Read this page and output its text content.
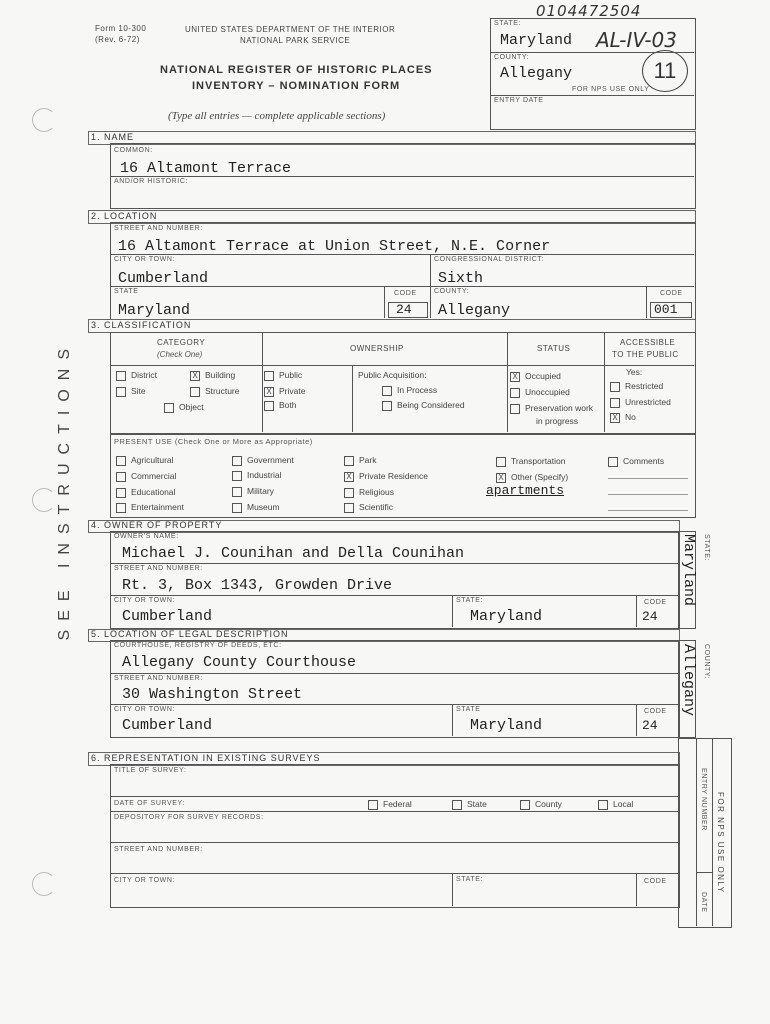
Form 10-300
(Rev. 6-72)
UNITED STATES DEPARTMENT OF THE INTERIOR
NATIONAL PARK SERVICE
NATIONAL REGISTER OF HISTORIC PLACES
INVENTORY – NOMINATION FORM
(Type all entries — complete applicable sections)
0104472504
AL-IV-03
11
STATE:
Maryland
COUNTY:
Allegany
FOR NPS USE ONLY
ENTRY DATE
SEE INSTRUCTIONS
1. NAME
COMMON:
16 Altamont Terrace
AND/OR HISTORIC:
2. LOCATION
STREET AND NUMBER:
16 Altamont Terrace at Union Street, N.E. Corner
CITY OR TOWN:
Cumberland
CONGRESSIONAL DISTRICT:
Sixth
STATE
Maryland
CODE
24
COUNTY:
Allegany
CODE
001
3. CLASSIFICATION
CATEGORY
(Check One)
OWNERSHIP	STATUS
ACCESSIBLE
TO THE PUBLIC
District	X Building
Site	Structure
Object
Public
X Private
Both
Public Acquisition:
In Process
Being Considered
X Occupied
Unoccupied
Preservation work
in progress
Yes:
Restricted
Unrestricted
X No
PRESENT USE (Check One or More as Appropriate)
Agricultural
Commercial
Educational
Entertainment
Government
Industrial
Military
Museum
Park
X Private Residence
Religious
Scientific
Transportation
X Other (Specify)
apartments
Comments
4. OWNER OF PROPERTY
OWNER'S NAME:
Michael J. Counihan and Della Counihan
STREET AND NUMBER:
Rt. 3, Box 1343, Growden Drive
CITY OR TOWN:
Cumberland
STATE:
Maryland
CODE
24
Maryland STATE:
5. LOCATION OF LEGAL DESCRIPTION
COURTHOUSE, REGISTRY OF DEEDS, ETC:
Allegany County Courthouse
STREET AND NUMBER:
30 Washington Street
CITY OR TOWN:
Cumberland
STATE
Maryland
CODE
24
Allegany COUNTY:
6. REPRESENTATION IN EXISTING SURVEYS
TITLE OF SURVEY:
DATE OF SURVEY:	Federal	State	County	Local
DEPOSITORY FOR SURVEY RECORDS:
STREET AND NUMBER:
CITY OR TOWN:	STATE:	CODE
ENTRY NUMBER
DATE
FOR NPS USE ONLY
